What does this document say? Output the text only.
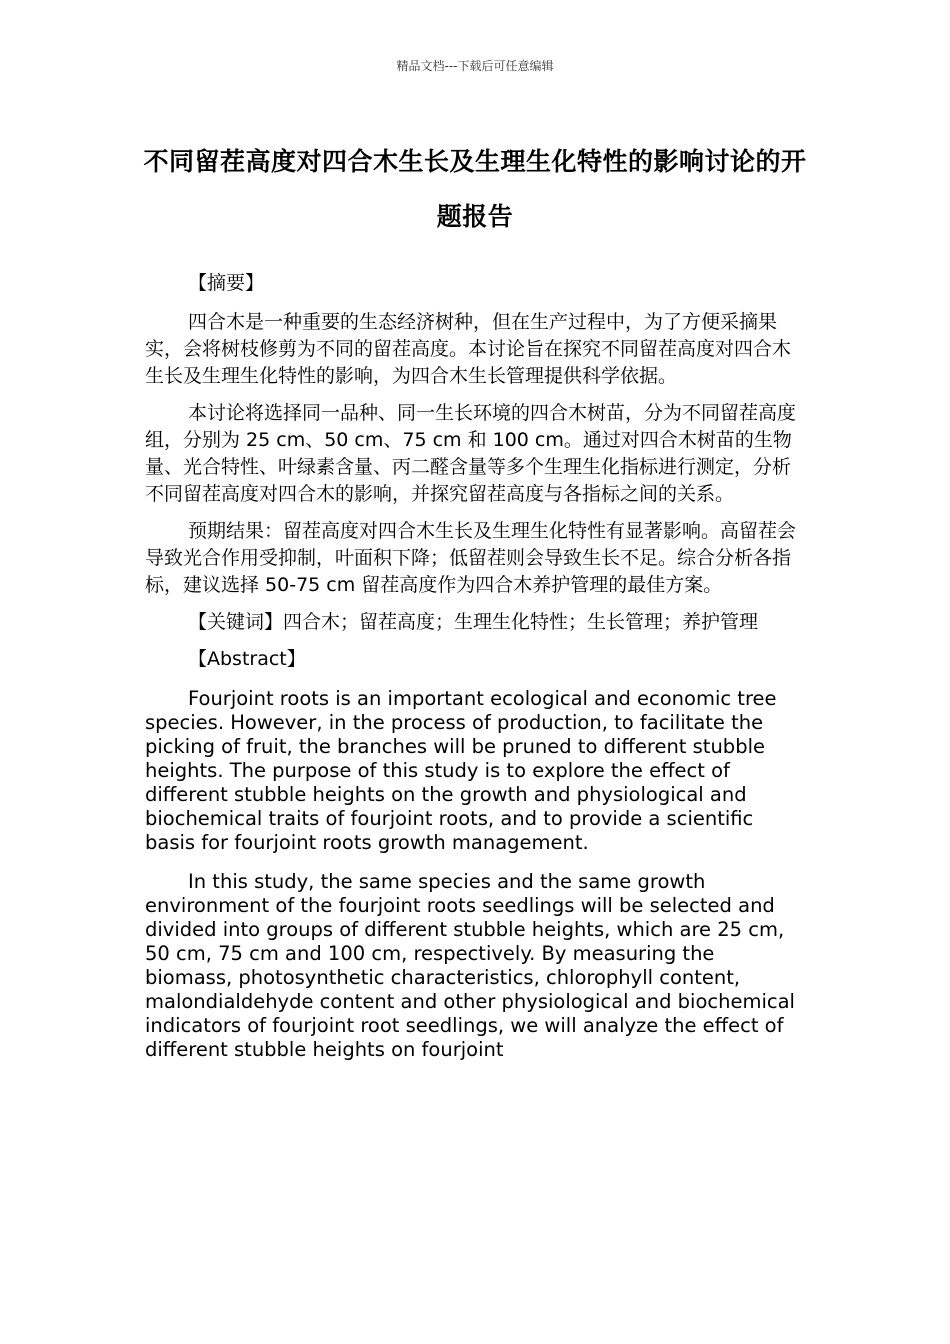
精品文档---下载后可任意编辑

不同留茬高度对四合木生长及生理生化特性的影响讨论的开题报告

【摘要】

四合木是一种重要的生态经济树种，但在生产过程中，为了方便采摘果实，会将树枝修剪为不同的留茬高度。本讨论旨在探究不同留茬高度对四合木生长及生理生化特性的影响，为四合木生长管理提供科学依据。

本讨论将选择同一品种、同一生长环境的四合木树苗，分为不同留茬高度组，分别为 25 cm、50 cm、75 cm 和 100 cm。通过对四合木树苗的生物量、光合特性、叶绿素含量、丙二醛含量等多个生理生化指标进行测定，分析不同留茬高度对四合木的影响，并探究留茬高度与各指标之间的关系。

预期结果：留茬高度对四合木生长及生理生化特性有显著影响。高留茬会导致光合作用受抑制，叶面积下降；低留茬则会导致生长不足。综合分析各指标，建议选择 50-75 cm 留茬高度作为四合木养护管理的最佳方案。

【关键词】四合木；留茬高度；生理生化特性；生长管理；养护管理

【Abstract】

Fourjoint roots is an important ecological and economic tree species. However, in the process of production, to facilitate the picking of fruit, the branches will be pruned to different stubble heights. The purpose of this study is to explore the effect of different stubble heights on the growth and physiological and biochemical traits of fourjoint roots, and to provide a scientific basis for fourjoint roots growth management.

In this study, the same species and the same growth environment of the fourjoint roots seedlings will be selected and divided into groups of different stubble heights, which are 25 cm, 50 cm, 75 cm and 100 cm, respectively. By measuring the biomass, photosynthetic characteristics, chlorophyll content, malondialdehyde content and other physiological and biochemical indicators of fourjoint root seedlings, we will analyze the effect of different stubble heights on fourjoint
